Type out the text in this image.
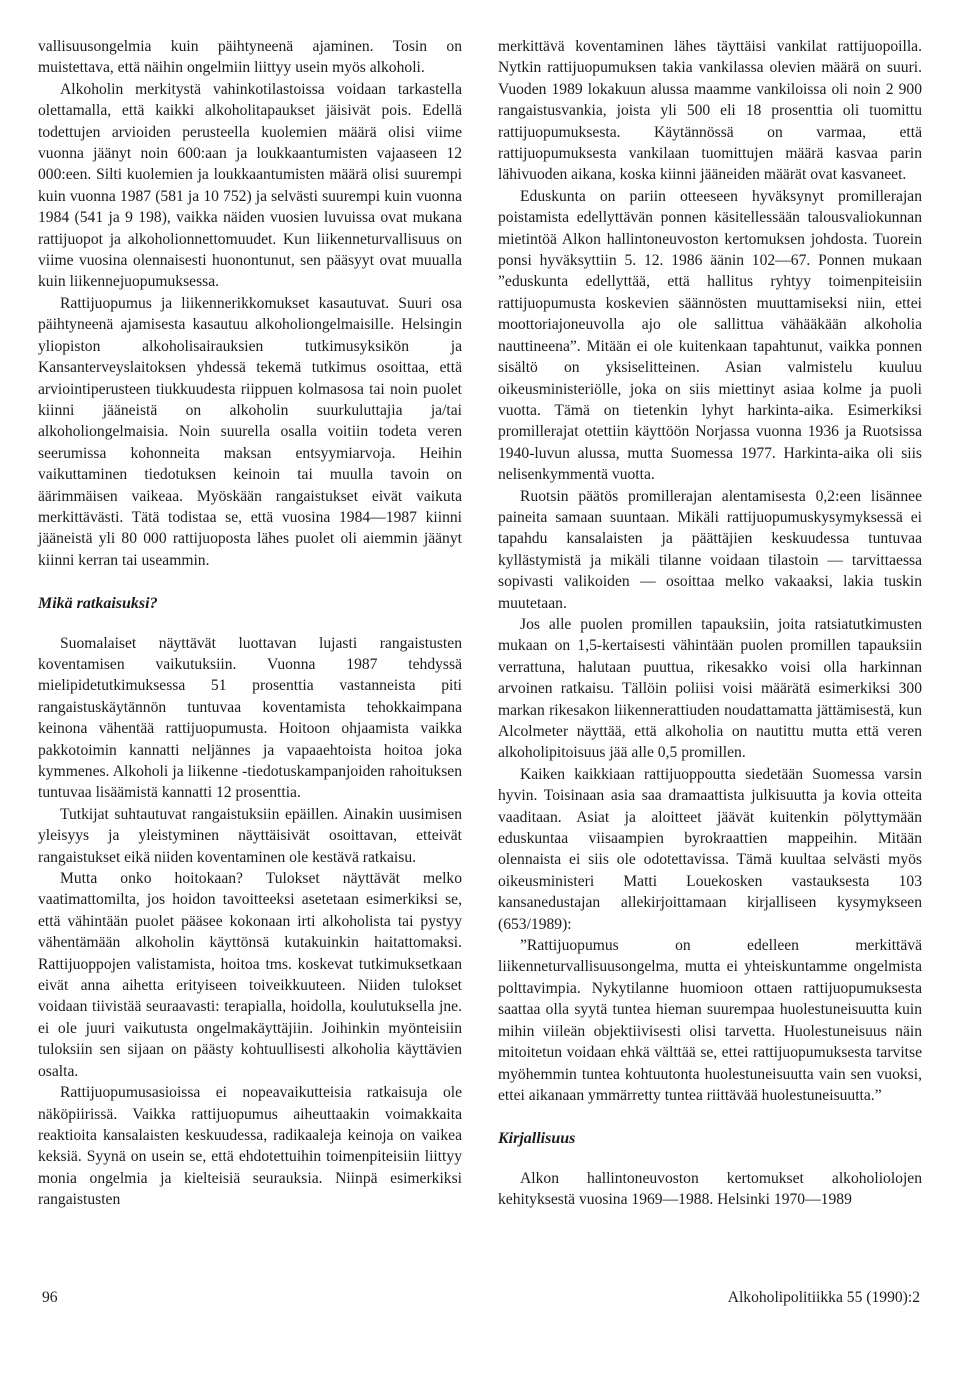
vallisuusongelmia kuin päihtyneenä ajaminen. Tosin on muistettava, että näihin ongelmiin liittyy usein myös alkoholi.

Alkoholin merkitystä vahinkotilastoissa voidaan tarkastella olettamalla, että kaikki alkoholitapaukset jäisivät pois. Edellä todettujen arvioiden perusteella kuolemien määrä olisi viime vuonna jäänyt noin 600:aan ja loukkaantumisten vajaaseen 12 000:een. Silti kuolemien ja loukkaantumisten määrä olisi suurempi kuin vuonna 1987 (581 ja 10 752) ja selvästi suurempi kuin vuonna 1984 (541 ja 9 198), vaikka näiden vuosien luvuissa ovat mukana rattijuopot ja alkoholionnettomuudet. Kun liikenneturvallisuus on viime vuosina olennaisesti huonontunut, sen pääsyyt ovat muualla kuin liikennejuopumuksessa.

Rattijuopumus ja liikennerikkomukset kasautuvat. Suuri osa päihtyneenä ajamisesta kasautuu alkoholiongelmaisille. Helsingin yliopiston alkoholisairauksien tutkimusyksikön ja Kansanterveyslaitoksen yhdessä tekemä tutkimus osoittaa, että arviointiperusteen tiukkuudesta riippuen kolmasosa tai noin puolet kiinni jääneistä on alkoholin suurkuluttajia ja/tai alkoholiongelmaisia. Noin suurella osalla voitiin todeta veren seerumissa kohonneita maksan entsyymiarvoja. Heihin vaikuttaminen tiedotuksen keinoin tai muulla tavoin on äärimmäisen vaikeaa. Myöskään rangaistukset eivät vaikuta merkittävästi. Tätä todistaa se, että vuosina 1984—1987 kiinni jääneistä yli 80 000 rattijuoposta lähes puolet oli aiemmin jäänyt kiinni kerran tai useammin.

Mikä ratkaisuksi?

Suomalaiset näyttävät luottavan lujasti rangaistusten koventamisen vaikutuksiin. Vuonna 1987 tehdyssä mielipidetutkimuksessa 51 prosenttia vastanneista piti rangaistuskäytännön tuntuvaa koventamista tehokkaimpana keinona vähentää rattijuopumusta. Hoitoon ohjaamista vaikka pakkotoimin kannatti neljännes ja vapaaehtoista hoitoa joka kymmenes. Alkoholi ja liikenne -tiedotuskampanjoiden rahoituksen tuntuvaa lisäämistä kannatti 12 prosenttia.

Tutkijat suhtautuvat rangaistuksiin epäillen. Ainakin uusimisen yleisyys ja yleistyminen näyttäisivät osoittavan, etteivät rangaistukset eikä niiden koventaminen ole kestävä ratkaisu.

Mutta onko hoitokaan? Tulokset näyttävät melko vaatimattomilta, jos hoidon tavoitteeksi asetetaan esimerkiksi se, että vähintään puolet pääsee kokonaan irti alkoholista tai pystyy vähentämään alkoholin käyttönsä kutakuinkin haitattomaksi. Rattijuoppojen valistamista, hoitoa tms. koskevat tutkimuksetkaan eivät anna aihetta erityiseen toiveikkuuteen. Niiden tulokset voidaan tiivistää seuraavasti: terapialla, hoidolla, koulutuksella jne. ei ole juuri vaikutusta ongelmakäyttäjiin. Joihinkin myönteisiin tuloksiin sen sijaan on päästy kohtuullisesti alkoholia käyttävien osalta.

Rattijuopumusasioissa ei nopeavaikutteisia ratkaisuja ole näköpiirissä. Vaikka rattijuopumus aiheuttaakin voimakkaita reaktioita kansalaisten keskuudessa, radikaaleja keinoja on vaikea keksiä. Syynä on usein se, että ehdotettuihin toimenpiteisiin liittyy monia ongelmia ja kielteisiä seurauksia. Niinpä esimerkiksi rangaistusten

merkittävä koventaminen lähes täyttäisi vankilat rattijuopoilla. Nytkin rattijuopumuksen takia vankilassa olevien määrä on suuri. Vuoden 1989 lokakuun alussa maamme vankiloissa oli noin 2 900 rangaistusvankia, joista yli 500 eli 18 prosenttia oli tuomittu rattijuopumuksesta. Käytännössä on varmaa, että rattijuopumuksesta vankilaan tuomittujen määrä kasvaa parin lähivuoden aikana, koska kiinni jääneiden määrät ovat kasvaneet.

Eduskunta on pariin otteeseen hyväksynyt promillerajan poistamista edellyttävän ponnen käsitellessään talousvaliokunnan mietintöä Alkon hallintoneuvoston kertomuksen johdosta. Tuorein ponsi hyväksyttiin 5. 12. 1986 äänin 102—67. Ponnen mukaan ”eduskunta edellyttää, että hallitus ryhtyy toimenpiteisiin rattijuopumusta koskevien säännösten muuttamiseksi niin, ettei moottoriajoneuvolla ajo ole sallittua vähääkään alkoholia nauttineena”. Mitään ei ole kuitenkaan tapahtunut, vaikka ponnen sisältö on yksiselitteinen. Asian valmistelu kuuluu oikeusministeriölle, joka on siis miettinyt asiaa kolme ja puoli vuotta. Tämä on tietenkin lyhyt harkinta-aika. Esimerkiksi promillerajat otettiin käyttöön Norjassa vuonna 1936 ja Ruotsissa 1940-luvun alussa, mutta Suomessa 1977. Harkinta-aika oli siis nelisenkymmentä vuotta.

Ruotsin päätös promillerajan alentamisesta 0,2:een lisännee paineita samaan suuntaan. Mikäli rattijuopumuskysymyksessä ei tapahdu kansalaisten ja päättäjien keskuudessa tuntuvaa kyllästymistä ja mikäli tilanne voidaan tilastoin — tarvittaessa sopivasti valikoiden — osoittaa melko vakaaksi, lakia tuskin muutetaan.

Jos alle puolen promillen tapauksiin, joita ratsiatutkimusten mukaan on 1,5-kertaisesti vähintään puolen promillen tapauksiin verrattuna, halutaan puuttua, rikesakko voisi olla harkinnan arvoinen ratkaisu. Tällöin poliisi voisi määrätä esimerkiksi 300 markan rikesakon liikennerattiuden noudattamatta jättämisestä, kun Alcolmeter näyttää, että alkoholia on nautittu mutta että veren alkoholipitoisuus jää alle 0,5 promillen.

Kaiken kaikkiaan rattijuoppoutta siedetään Suomessa varsin hyvin. Toisinaan asia saa dramaattista julkisuutta ja kovia otteita vaaditaan. Asiat ja aloitteet jäävät kuitenkin pölyttymään eduskuntaa viisaampien byrokraattien mappeihin. Mitään olennaista ei siis ole odotettavissa. Tämä kuultaa selvästi myös oikeusministeri Matti Louekosken vastauksesta 103 kansanedustajan allekirjoittamaan kirjalliseen kysymykseen (653/1989):

”Rattijuopumus on edelleen merkittävä liikenneturvallisuusongelma, mutta ei yhteiskuntamme ongelmista polttavimpia. Nykytilanne huomioon ottaen rattijuopumuksesta saattaa olla syytä tuntea hieman suurempaa huolestuneisuutta kuin mihin viileän objektiivisesti olisi tarvetta. Huolestuneisuus näin mitoitetun voidaan ehkä välttää se, ettei rattijuopumuksesta tarvitse myöhemmin tuntea kohtuutonta huolestuneisuutta vain sen vuoksi, ettei aikanaan ymmärretty tuntea riittävää huolestuneisuutta.”

Kirjallisuus

Alkon hallintoneuvoston kertomukset alkoholiolojen kehityksestä vuosina 1969—1988. Helsinki 1970—1989

96	Alkoholipolitiikka 55 (1990):2
